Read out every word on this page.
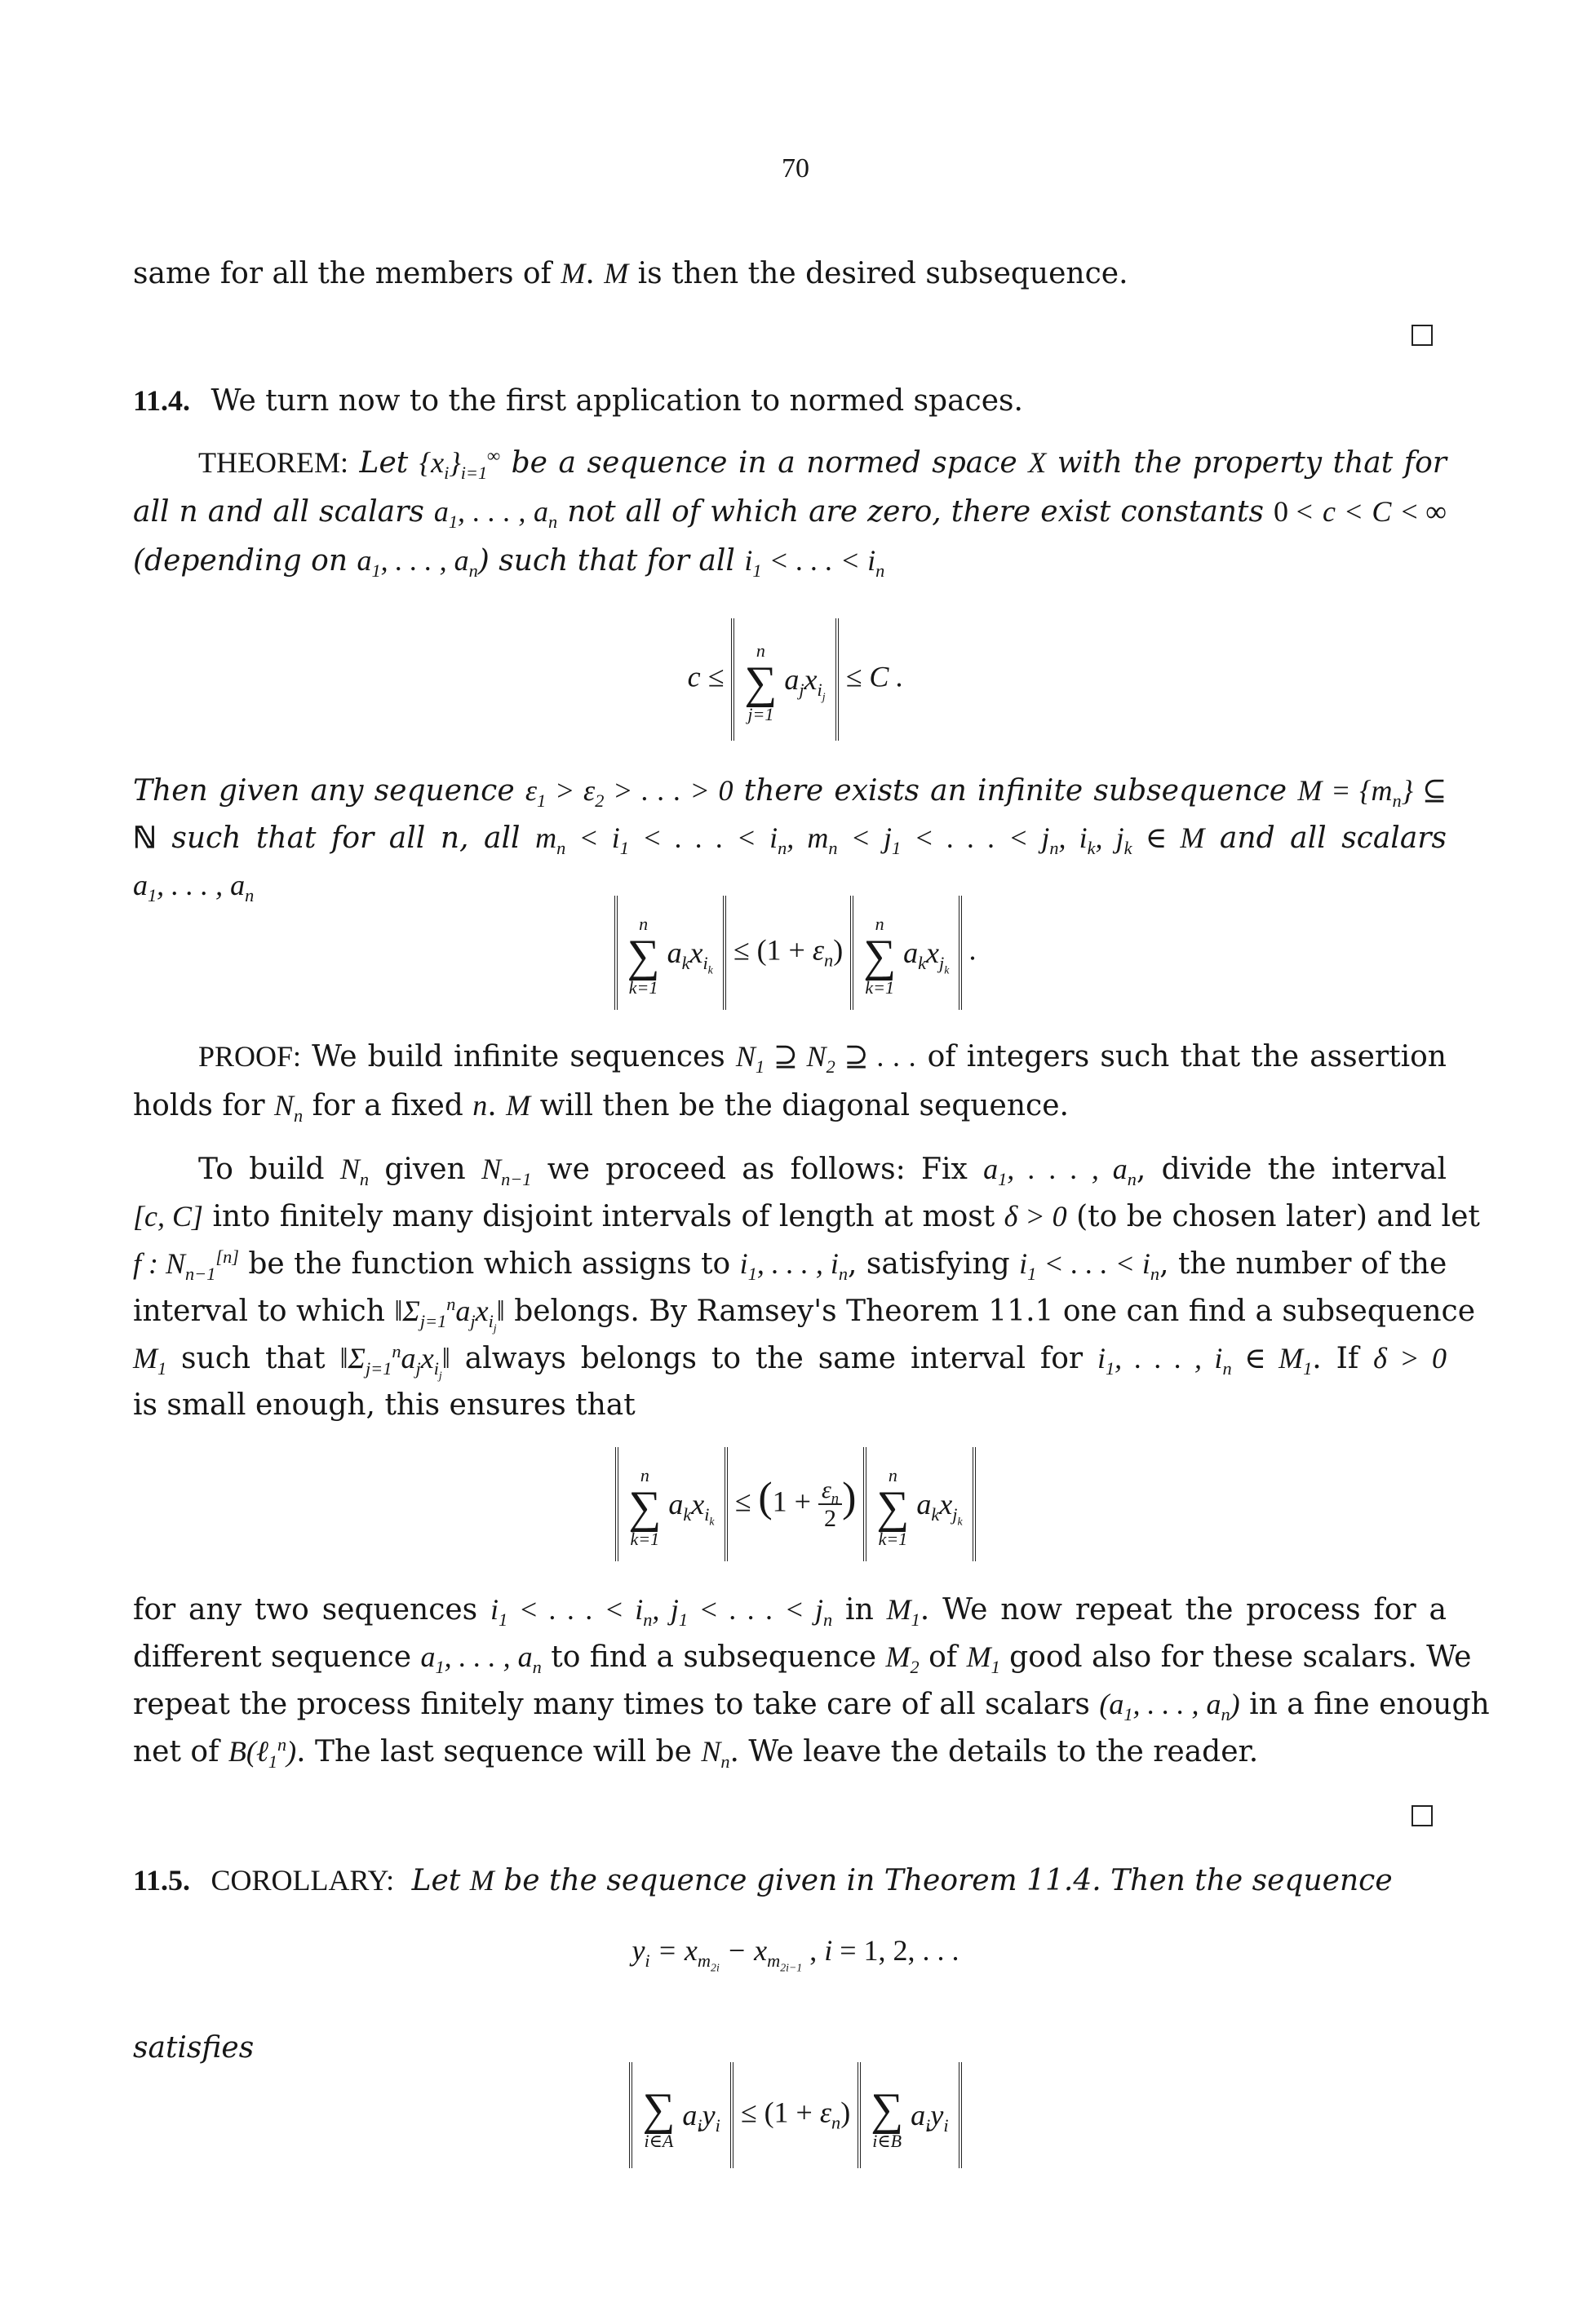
70
same for all the members of M. M is then the desired subsequence.
11.4. We turn now to the first application to normed spaces.
THEOREM: Let $\{x_i\}_{i=1}^\infty$ be a sequence in a normed space X with the property that for
all n and all scalars $a_1$, . . . , $a_n$ not all of which are zero, there exist constants 0 < c < C < ∞
(depending on $a_1$, . . . , $a_n$) such that for all $i_1$ < . . . < $i_n$
c ≤
n
∑
j=1
$a_jx_{i_j} \le C$ .
Then given any sequence $\varepsilon_1 > \varepsilon_2$ > . . . > 0 there exists an infinite subsequence $M = \{m_n\}$ ⊆
ℕ such that for all n, all $m_n < i_1$ < . . . < $i_n$, $m_n < j_1$ < . . . < $j_n$, $i_k$, $j_k$ ∈ M and all scalars
$a_1$, . . . , $a_n$
n
∑
k=1
$a_kx_{i_k} \le (1 + \varepsilon_n)$
n
∑
k=1
$a_kx_{j_k}$ .
PROOF: We build infinite sequences $N_1$ ⊇ $N_2$ ⊇ . . . of integers such that the assertion
holds for $N_n$ for a fixed n. M will then be the diagonal sequence.
To build $N_n$ given $N_{n-1}$ we proceed as follows: Fix $a_1$, . . . , $a_n$, divide the interval
[c, C] into finitely many disjoint intervals of length at most δ > 0 (to be chosen later) and let
f : $N_{n-1}[n]$ be the function which assigns to $i_1$, . . . , $i_n$, satisfying $i_1$ < . . . < $i_n$, the number of the
interval to which $‖\Sigma_{j=1}^na_jx_{i_j}‖$ belongs. By Ramsey's Theorem 11.1 one can find a subsequence
$M_1$ such that $‖\Sigma_{j=1}^na_jx_{i_j}‖$ always belongs to the same interval for $i_1$, . . . , $i_n$ ∈ $M_1$. If δ > 0
is small enough, this ensures that
n
∑
k=1
$a_kx_{i_k} \le (1 + \frac{\varepsilon_n}{2}$ )	n
∑
k=1
$a_kx_{j_k}$
for any two sequences $i_1$ < . . . < $i_n$, $j_1$ < . . . < $j_n$ in $M_1$. We now repeat the process for a
different sequence $a_1$, . . . , $a_n$ to find a subsequence $M_2$ of $M_1$ good also for these scalars. We
repeat the process finitely many times to take care of all scalars ($a_1$, . . . , $a_n$) in a fine enough
net of B(ℓ$_1^n$). The last sequence will be $N_n$. We leave the details to the reader.
11.5. COROLLARY: Let M be the sequence given in Theorem 11.4. Then the sequence
$y_i = x_{m_{2i}} - x_{m_{2i-1}}$ , i = 1, 2, . . .
satisfies
∑
i∈A
$a_iy_i \le (1 + \varepsilon_n)$ ∑
i∈B
$a_iy_i$
